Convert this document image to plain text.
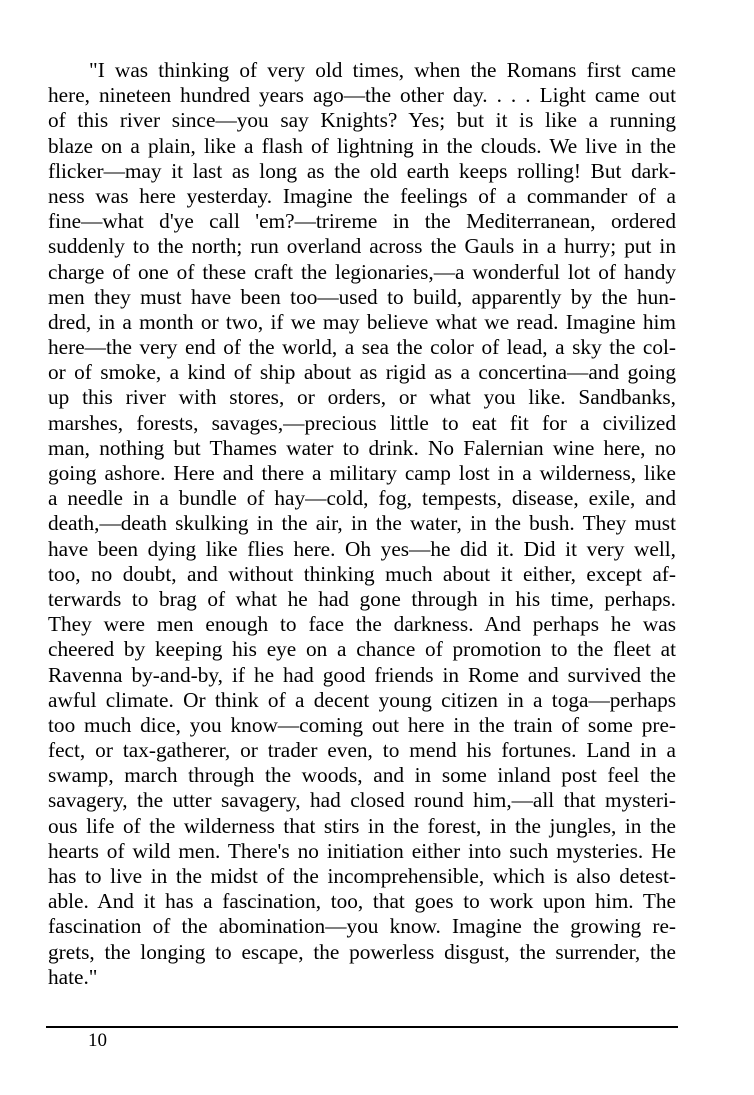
"I was thinking of very old times, when the Romans first came
here, nineteen hundred years ago—the other day. . . . Light came out
of this river since—you say Knights? Yes; but it is like a running
blaze on a plain, like a flash of lightning in the clouds. We live in the
flicker—may it last as long as the old earth keeps rolling! But dark-
ness was here yesterday. Imagine the feelings of a commander of a
fine—what d'ye call 'em?—trireme in the Mediterranean, ordered
suddenly to the north; run overland across the Gauls in a hurry; put in
charge of one of these craft the legionaries,—a wonderful lot of handy
men they must have been too—used to build, apparently by the hun-
dred, in a month or two, if we may believe what we read. Imagine him
here—the very end of the world, a sea the color of lead, a sky the col-
or of smoke, a kind of ship about as rigid as a concertina—and going
up this river with stores, or orders, or what you like. Sandbanks,
marshes, forests, savages,—precious little to eat fit for a civilized
man, nothing but Thames water to drink. No Falernian wine here, no
going ashore. Here and there a military camp lost in a wilderness, like
a needle in a bundle of hay—cold, fog, tempests, disease, exile, and
death,—death skulking in the air, in the water, in the bush. They must
have been dying like flies here. Oh yes—he did it. Did it very well,
too, no doubt, and without thinking much about it either, except af-
terwards to brag of what he had gone through in his time, perhaps.
They were men enough to face the darkness. And perhaps he was
cheered by keeping his eye on a chance of promotion to the fleet at
Ravenna by-and-by, if he had good friends in Rome and survived the
awful climate. Or think of a decent young citizen in a toga—perhaps
too much dice, you know—coming out here in the train of some pre-
fect, or tax-gatherer, or trader even, to mend his fortunes. Land in a
swamp, march through the woods, and in some inland post feel the
savagery, the utter savagery, had closed round him,—all that mysteri-
ous life of the wilderness that stirs in the forest, in the jungles, in the
hearts of wild men. There's no initiation either into such mysteries. He
has to live in the midst of the incomprehensible, which is also detest-
able. And it has a fascination, too, that goes to work upon him. The
fascination of the abomination—you know. Imagine the growing re-
grets, the longing to escape, the powerless disgust, the surrender, the
hate."
10
